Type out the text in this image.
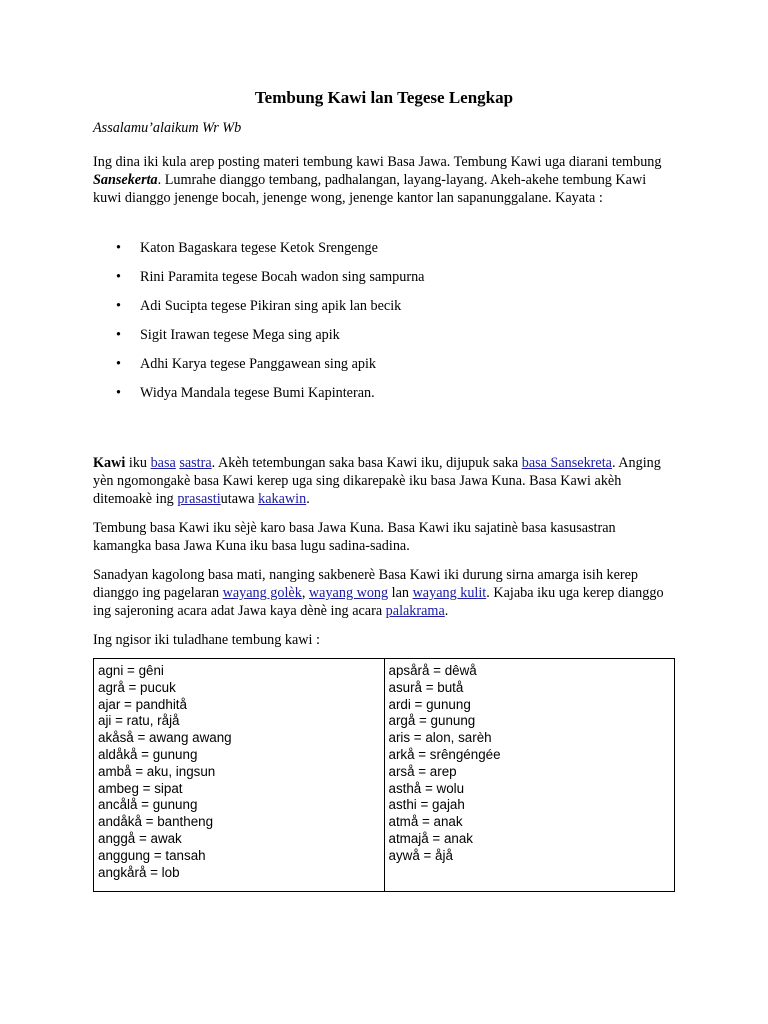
Tembung Kawi lan Tegese Lengkap
Assalamu’alaikum Wr Wb

Ing dina iki kula arep posting materi tembung kawi Basa Jawa. Tembung Kawi uga diarani tembung Sansekerta. Lumrahe dianggo tembang, padhalangan, layang-layang. Akeh-akehe tembung Kawi kuwi dianggo jenenge bocah, jenenge wong, jenenge kantor lan sapanunggalane. Kayata :

• Katon Bagaskara tegese Ketok Srengenge
• Rini Paramita tegese Bocah wadon sing sampurna
• Adi Sucipta tegese Pikiran sing apik lan becik
• Sigit Irawan tegese Mega sing apik
• Adhi Karya tegese Panggawean sing apik
• Widya Mandala tegese Bumi Kapinteran.

Kawi iku basa sastra. Akèh tetembungan saka basa Kawi iku, dijupuk saka basa Sansekreta. Anging yèn ngomongakè basa Kawi kerep uga sing dikarepakè iku basa Jawa Kuna. Basa Kawi akèh ditemoakè ing prasastiutawa kakawin.

Tembung basa Kawi iku sèjè karo basa Jawa Kuna. Basa Kawi iku sajatinè basa kasusastran kamangka basa Jawa Kuna iku basa lugu sadina-sadina.

Sanadyan kagolong basa mati, nanging sakbenerè Basa Kawi iki durung sirna amarga isih kerep dianggo ing pagelaran wayang golèk, wayang wong lan wayang kulit. Kajaba iku uga kerep dianggo ing sajeroning acara adat Jawa kaya dènè ing acara palakrama.

Ing ngisor iki tuladhane tembung kawi :

agni = gêni
agrå = pucuk
ajar = pandhitå
aji = ratu, råjå
akåså = awang awang
aldåkå = gunung
ambå = aku, ingsun
ambeg = sipat
ancålå = gunung
andåkå = bantheng
anggå = awak
anggung = tansah
angkårå = lob

apsårå = dêwå
asurå = butå
ardi = gunung
argå = gunung
aris = alon, sarèh
arkå = srêngéngée
arså = arep
asthå = wolu
asthi = gajah
atmå = anak
atmajå = anak
aywå = åjå
